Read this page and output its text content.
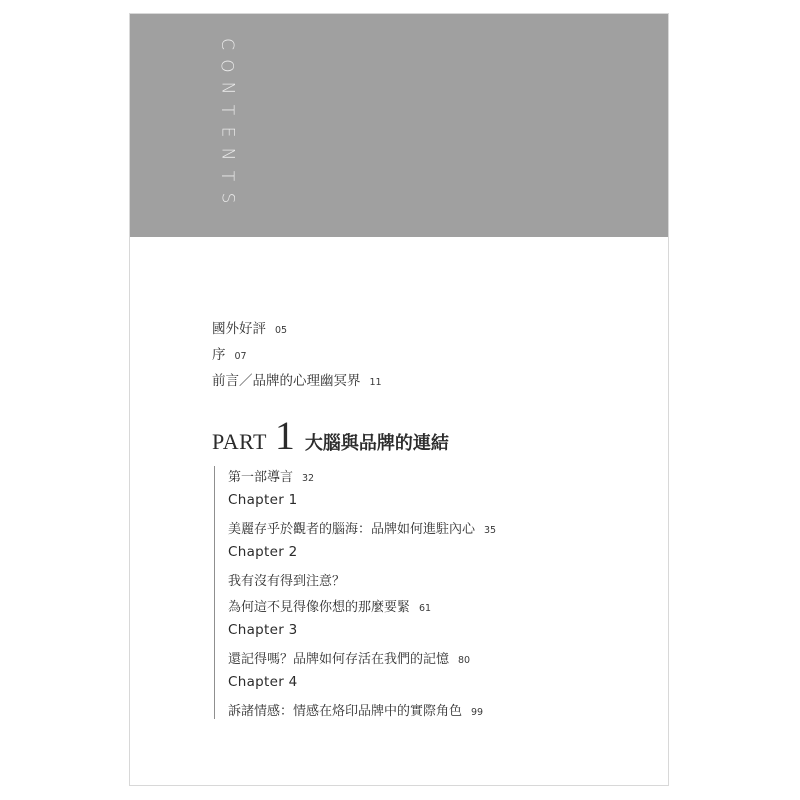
C
O
N
T
E
N
T
S
國外好評 05
序 07
前言／品牌的心理幽冥界 11
PART 1 大腦與品牌的連結
第一部導言 32
Chapter 1
美麗存乎於觀者的腦海：品牌如何進駐內心 35
Chapter 2
我有沒有得到注意？
為何這不見得像你想的那麼要緊 61
Chapter 3
還記得嗎？品牌如何存活在我們的記憶 80
Chapter 4
訴諸情感：情感在烙印品牌中的實際角色 99
